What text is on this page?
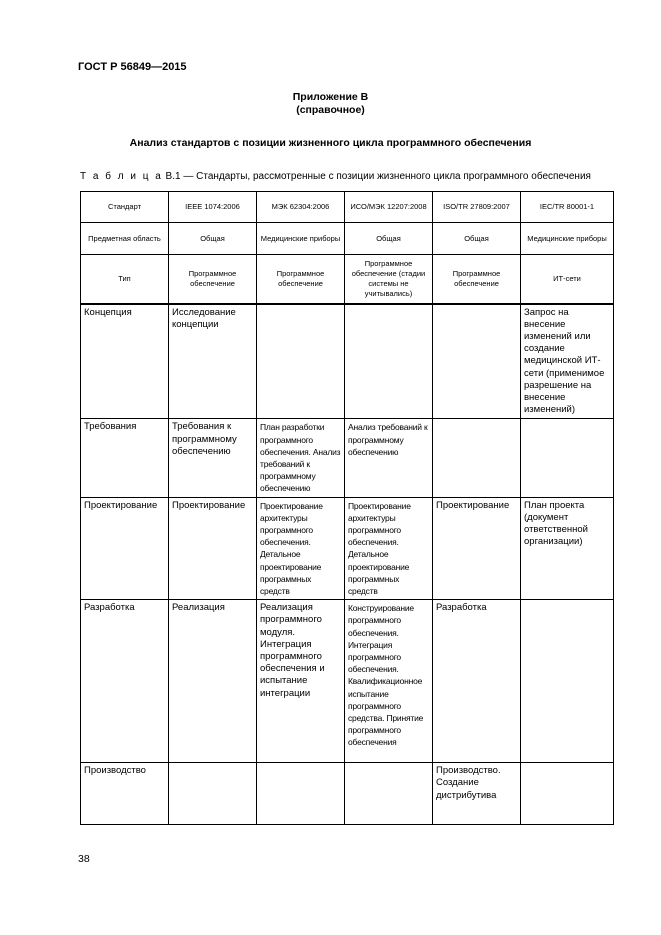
ГОСТ Р 56849—2015
Приложение В
(справочное)
Анализ стандартов с позиции жизненного цикла программного обеспечения
Т а б л и ц а В.1 — Стандарты, рассмотренные с позиции жизненного цикла программного обеспечения
Стандарт	IEEE 1074:2006	МЭК 62304:2006	ИСО/МЭК 12207:2008	ISO/TR 27809:2007	IEC/TR 80001-1
Предметная область	Общая	Медицинские приборы	Общая	Общая	Медицинские приборы
Тип	Программное обеспечение	Программное обеспечение	Программное обеспечение (стадии системы не учитывались)	Программное обеспечение	ИТ-сети
Концепция	Исследование концепции				Запрос на внесение изменений или создание медицинской ИТ-сети (применимое разрешение на внесение изменений)
Требования	Требования к программному обеспечению	План разработки программного обеспечения. Анализ требований к программному обеспечению	Анализ требований к программному обеспечению		
Проектирование	Проектирование	Проектирование архитектуры программного обеспечения. Детальное проектирование программных средств	Проектирование архитектуры программного обеспечения. Детальное проектирование программных средств	Проектирование	План проекта (документ ответственной организации)
Разработка	Реализация	Реализация программного модуля. Интеграция программного обеспечения и испытание интеграции	Конструирование программного обеспечения. Интеграция программного обеспечения. Квалификационное испытание программного средства. Принятие программного обеспечения	Разработка	
Производство				Производство. Создание дистрибутива	
38
